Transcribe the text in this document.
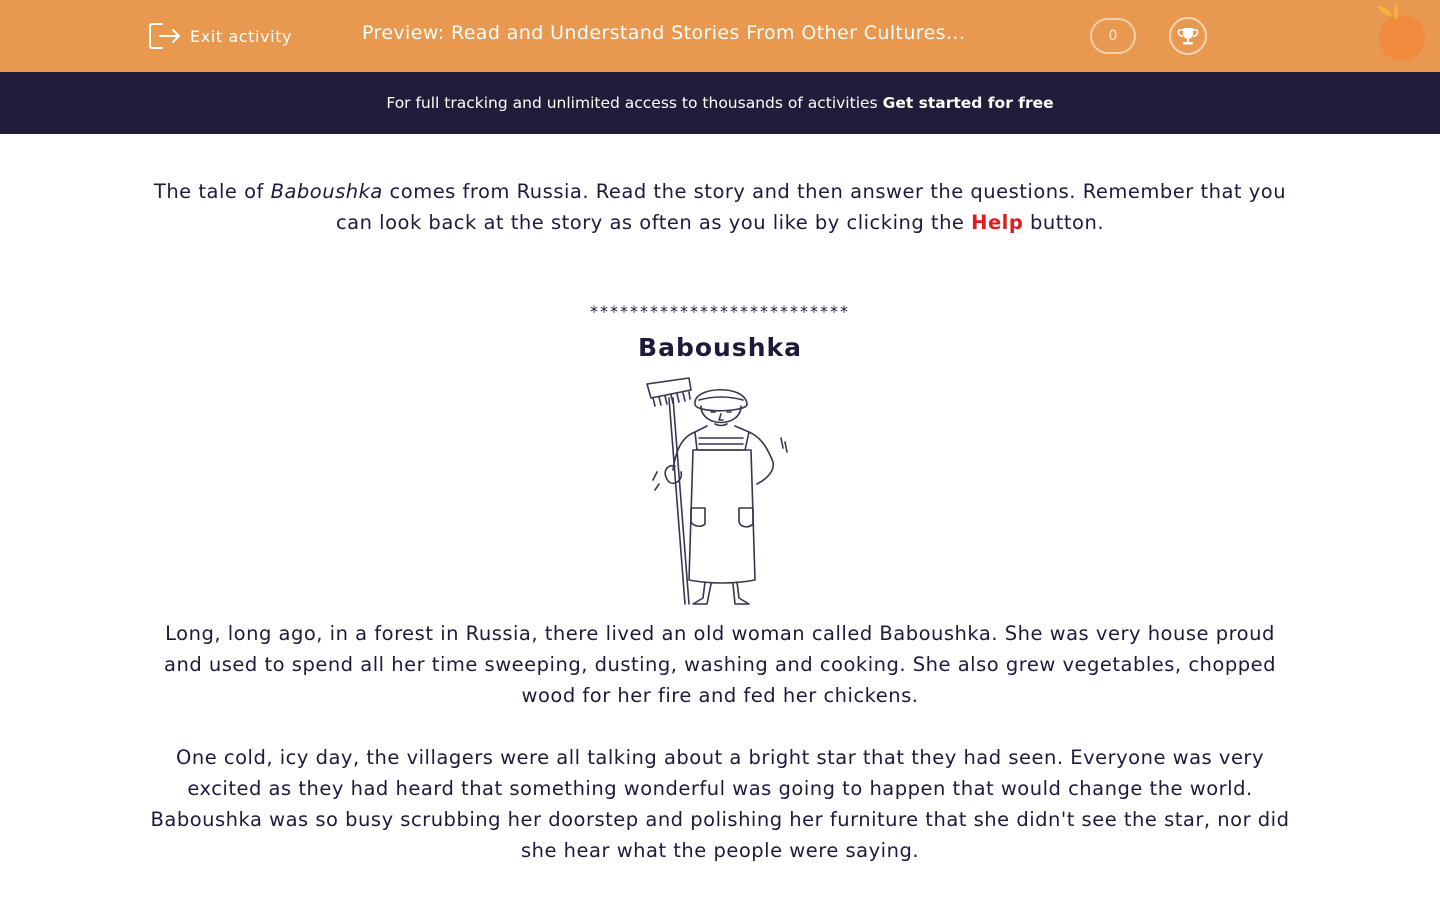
Exit activity	Preview: Read and Understand Stories From Other Cultures...	0
For full tracking and unlimited access to thousands of activities Get started for free

The tale of Baboushka comes from Russia. Read the story and then answer the questions. Remember that you can look back at the story as often as you like by clicking the Help button.

**************************
Baboushka

Long, long ago, in a forest in Russia, there lived an old woman called Baboushka. She was very house proud and used to spend all her time sweeping, dusting, washing and cooking. She also grew vegetables, chopped wood for her fire and fed her chickens.

One cold, icy day, the villagers were all talking about a bright star that they had seen. Everyone was very excited as they had heard that something wonderful was going to happen that would change the world. Baboushka was so busy scrubbing her doorstep and polishing her furniture that she didn't see the star, nor did she hear what the people were saying.
